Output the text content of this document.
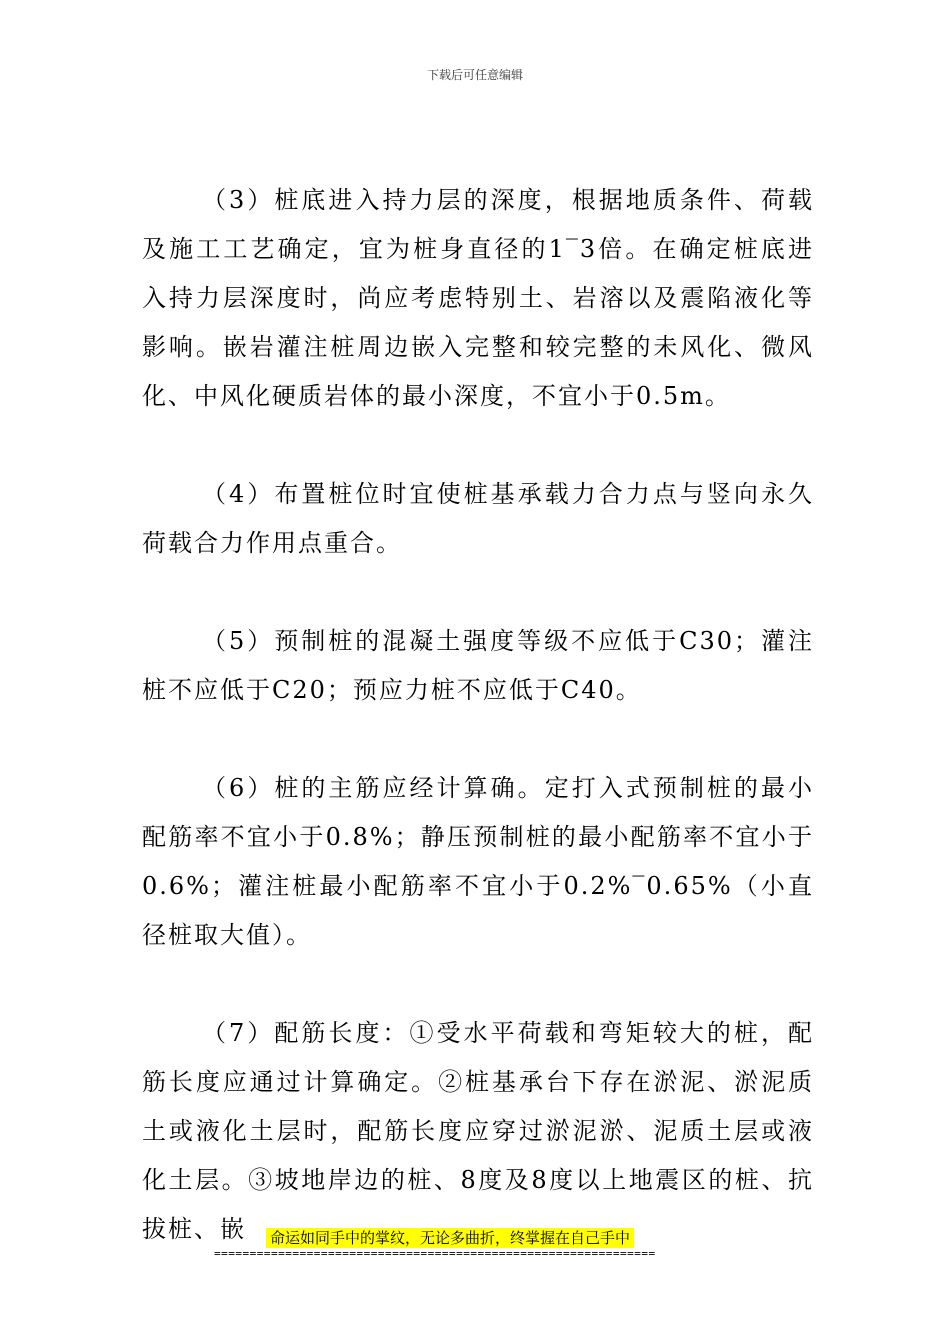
下载后可任意编辑

（3）桩底进入持力层的深度，根据地质条件、荷载及施工工艺确定，宜为桩身直径的1‾3倍。在确定桩底进入持力层深度时，尚应考虑特别土、岩溶以及震陷液化等影响。嵌岩灌注桩周边嵌入完整和较完整的未风化、微风化、中风化硬质岩体的最小深度，不宜小于0.5m。

（4）布置桩位时宜使桩基承载力合力点与竖向永久荷载合力作用点重合。

（5）预制桩的混凝土强度等级不应低于C30；灌注桩不应低于C20；预应力桩不应低于C40。

（6）桩的主筋应经计算确。定打入式预制桩的最小配筋率不宜小于0.8%；静压预制桩的最小配筋率不宜小于0.6%；灌注桩最小配筋率不宜小于0.2%‾0.65%（小直径桩取大值）。

（7）配筋长度：①受水平荷载和弯矩较大的桩，配筋长度应通过计算确定。②桩基承台下存在淤泥、淤泥质土或液化土层时，配筋长度应穿过淤泥淤、泥质土层或液化土层。③坡地岸边的桩、8度及8度以上地震区的桩、抗拔桩、嵌	命运如同手中的掌纹，无论多曲折，终掌握在自己手中
==============================================================
